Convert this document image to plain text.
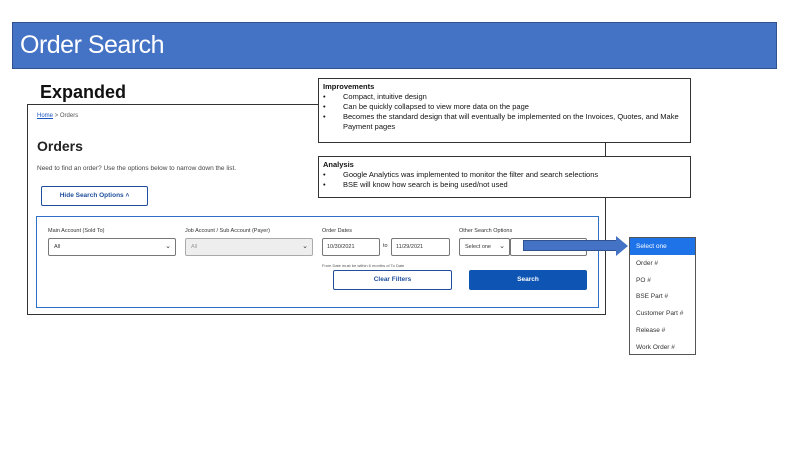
Order Search
Expanded
Home > Orders
Orders
Need to find an order? Use the options below to narrow down the list.
Hide Search Options ˄
Main Account (Sold To)
All	⌄
Job Account / Sub Account (Payer)
All	⌄
Order Dates
10/30/2021	to	11/29/2021
From Date must be within 6 months of To Date
Other Search Options
Select one ⌄
Clear Filters	Search
Improvements
• Compact, intuitive design
• Can be quickly collapsed to view more data on the page
• Becomes the standard design that will eventually be implemented on the Invoices, Quotes, and Make Payment pages
Analysis
• Google Analytics was implemented to monitor the filter and search selections
• BSE will know how search is being used/not used
Select one
Order #
PO #
BSE Part #
Customer Part #
Release #
Work Order #
